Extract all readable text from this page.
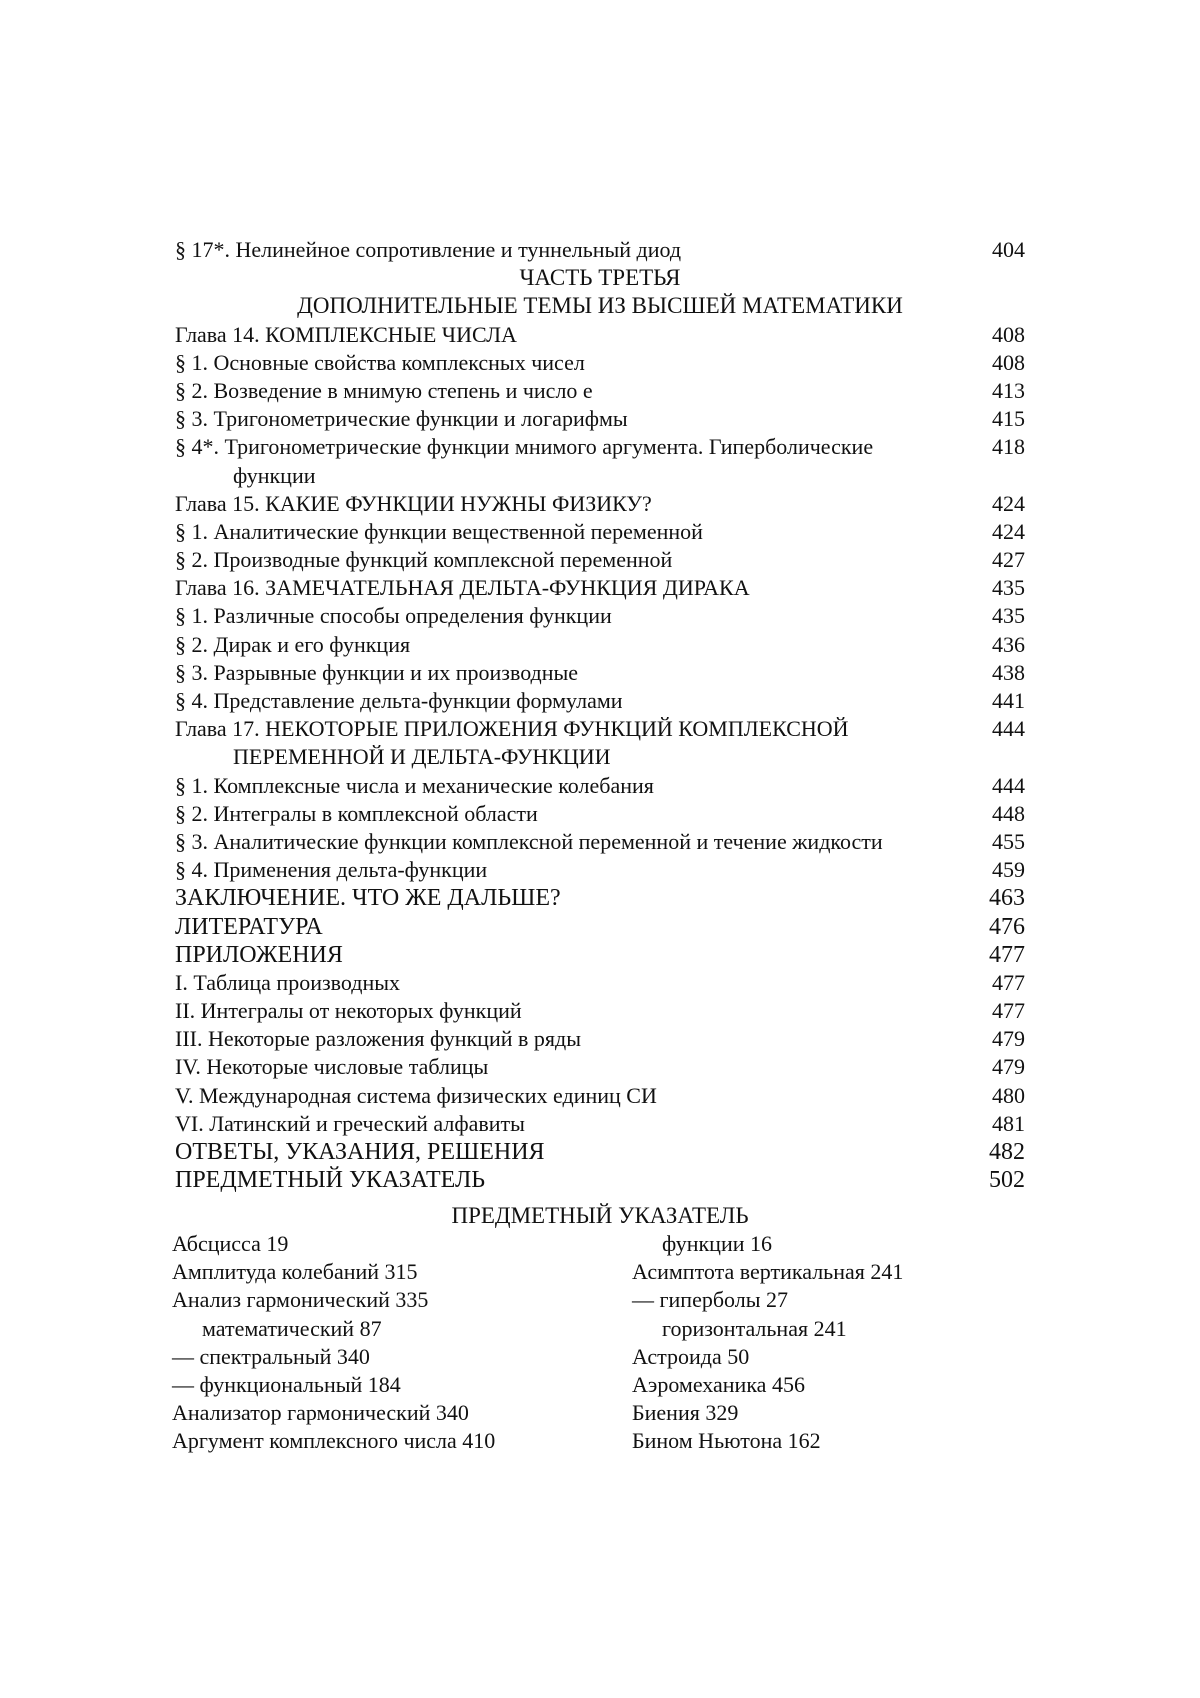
§ 17*. Нелинейное сопротивление и туннельный диод	404
ЧАСТЬ ТРЕТЬЯ
ДОПОЛНИТЕЛЬНЫЕ ТЕМЫ ИЗ ВЫСШЕЙ МАТЕМАТИКИ
Глава 14. КОМПЛЕКСНЫЕ ЧИСЛА	408
§ 1. Основные свойства комплексных чисел	408
§ 2. Возведение в мнимую степень и число e	413
§ 3. Тригонометрические функции и логарифмы	415
§ 4*. Тригонометрические функции мнимого аргумента. Гиперболические	418
функции
Глава 15. КАКИЕ ФУНКЦИИ НУЖНЫ ФИЗИКУ?	424
§ 1. Аналитические функции вещественной переменной	424
§ 2. Производные функций комплексной переменной	427
Глава 16. ЗАМЕЧАТЕЛЬНАЯ ДЕЛЬТА-ФУНКЦИЯ ДИРАКА	435
§ 1. Различные способы определения функции	435
§ 2. Дирак и его функция	436
§ 3. Разрывные функции и их производные	438
§ 4. Представление дельта-функции формулами	441
Глава 17. НЕКОТОРЫЕ ПРИЛОЖЕНИЯ ФУНКЦИЙ КОМПЛЕКСНОЙ	444
ПЕРЕМЕННОЙ И ДЕЛЬТА-ФУНКЦИИ
§ 1. Комплексные числа и механические колебания	444
§ 2. Интегралы в комплексной области	448
§ 3. Аналитические функции комплексной переменной и течение жидкости	455
§ 4. Применения дельта-функции	459
ЗАКЛЮЧЕНИЕ. ЧТО ЖЕ ДАЛЬШЕ?	463
ЛИТЕРАТУРА	476
ПРИЛОЖЕНИЯ	477
I. Таблица производных	477
II. Интегралы от некоторых функций	477
III. Некоторые разложения функций в ряды	479
IV. Некоторые числовые таблицы	479
V. Международная система физических единиц СИ	480
VI. Латинский и греческий алфавиты	481
ОТВЕТЫ, УКАЗАНИЯ, РЕШЕНИЯ	482
ПРЕДМЕТНЫЙ УКАЗАТЕЛЬ	502
ПРЕДМЕТНЫЙ УКАЗАТЕЛЬ
Абсцисса 19
Амплитуда колебаний 315
Анализ гармонический 335
математический 87
— спектральный 340
— функциональный 184
Анализатор гармонический 340
Аргумент комплексного числа 410
функции 16
Асимптота вертикальная 241
— гиперболы 27
горизонтальная 241
Астроида 50
Аэромеханика 456
Биения 329
Бином Ньютона 162
